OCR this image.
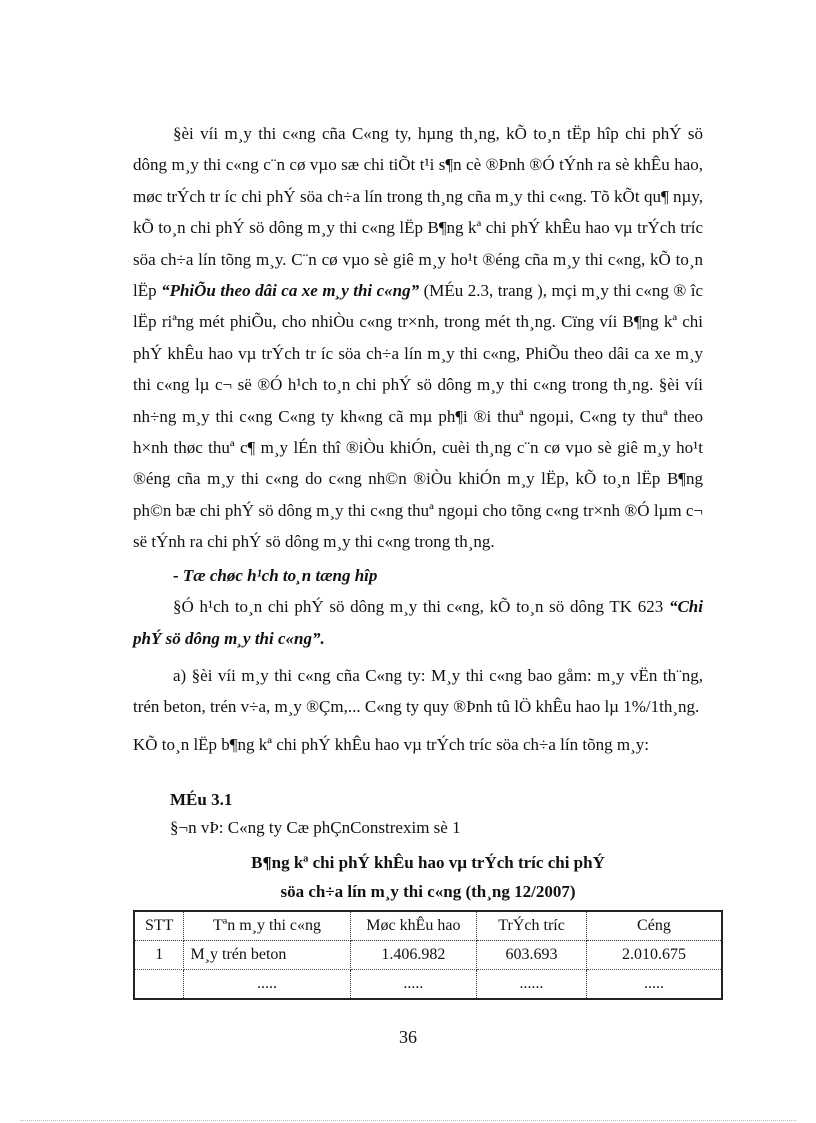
§èi víi m¸y thi c«ng cña C«ng ty, hµng th¸ng, kÕ to¸n tËp hîp chi phÝ sö dông m¸y thi c«ng c¨n cø vµo sæ chi tiÕt t¹i s¶n cè ®Þnh ®Ó tÝnh ra sè khÊu hao, møc trÝch tr íc chi phÝ söa ch÷a lín trong th¸ng cña m¸y thi c«ng. Tõ kÕt qu¶ nµy, kÕ to¸n chi phÝ sö dông m¸y thi c«ng lËp B¶ng kª chi phÝ khÊu hao vµ trÝch tríc söa ch÷a lín tõng m¸y. C¨n cø vµo sè giê m¸y ho¹t ®éng cña m¸y thi c«ng, kÕ to¸n lËp “PhiÕu theo dâi ca xe m¸y thi c«ng” (MÉu 2.3, trang ), mçi m¸y thi c«ng ® îc lËp riªng mét phiÕu, cho nhiÒu c«ng tr×nh, trong mét th¸ng. Cïng víi B¶ng kª chi phÝ khÊu hao vµ trÝch tr íc söa ch÷a lín m¸y thi c«ng, PhiÕu theo dâi ca xe m¸y thi c«ng lµ c¬ së ®Ó h¹ch to¸n chi phÝ sö dông m¸y thi c«ng trong th¸ng. §èi víi nh÷ng m¸y thi c«ng C«ng ty kh«ng cã mµ ph¶i ®i thuª ngoµi, C«ng ty thuª theo h×nh thøc thuª c¶ m¸y lÉn thî ®iÒu khiÓn, cuèi th¸ng c¨n cø vµo sè giê m¸y ho¹t ®éng cña m¸y thi c«ng do c«ng nh©n ®iÒu khiÓn m¸y lËp, kÕ to¸n lËp B¶ng ph©n bæ chi phÝ sö dông m¸y thi c«ng thuª ngoµi cho tõng c«ng tr×nh ®Ó lµm c¬ së tÝnh ra chi phÝ sö dông m¸y thi c«ng trong th¸ng.

- Tæ chøc h¹ch to¸n tæng hîp

§Ó h¹ch to¸n chi phÝ sö dông m¸y thi c«ng, kÕ to¸n sö dông TK 623 “Chi phÝ sö dông m¸y thi c«ng”.

a) §èi víi m¸y thi c«ng cña C«ng ty: M¸y thi c«ng bao gåm: m¸y vËn th¨ng, trén beton, trén v÷a, m¸y ®Çm,... C«ng ty quy ®Þnh tû lÖ khÊu hao lµ 1%/1th¸ng.

KÕ to¸n lËp b¶ng kª chi phÝ khÊu hao vµ trÝch tríc söa ch÷a lín tõng m¸y:

MÉu 3.1
§¬n vÞ: C«ng ty Cæ phÇnConstrexim sè 1
B¶ng kª chi phÝ khÊu hao vµ trÝch tríc chi phÝ
söa ch÷a lín m¸y thi c«ng (th¸ng 12/2007)
STT	Tªn m¸y thi c«ng	Møc khÊu hao	TrÝch tríc	Céng
1	M¸y trén beton	1.406.982	603.693	2.010.675
	.....	.....	......	.....
36
